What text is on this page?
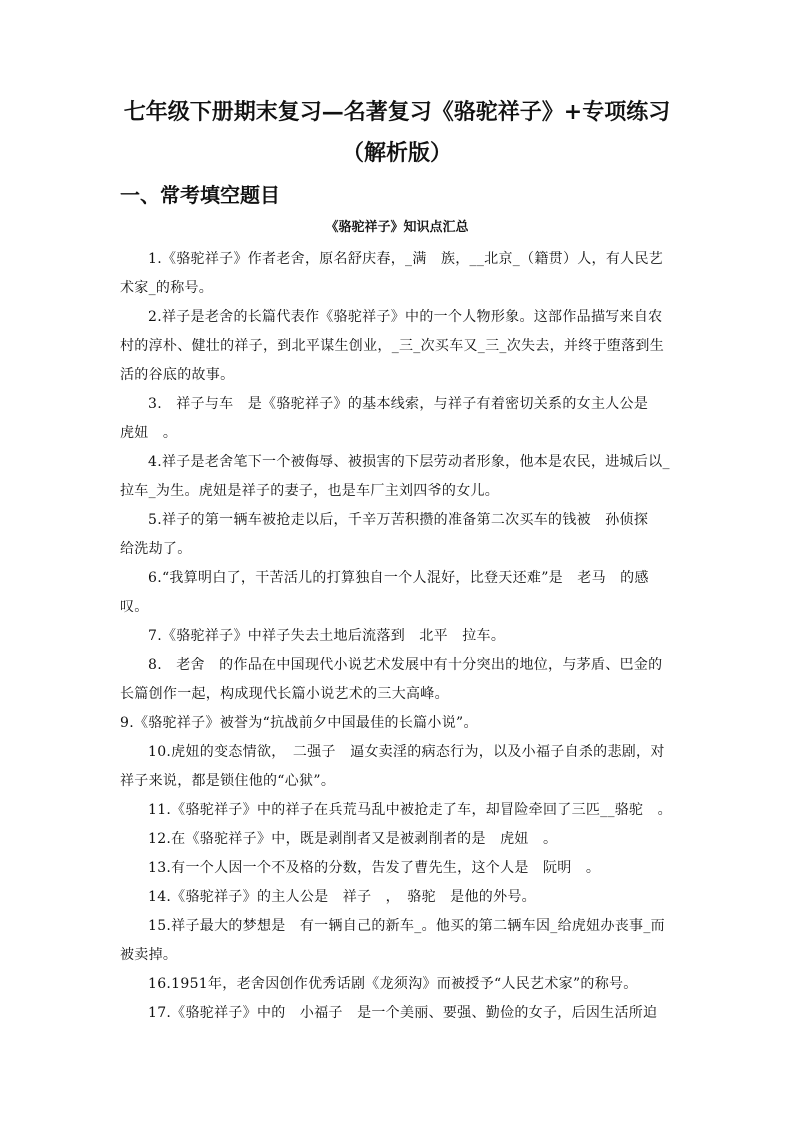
七年级下册期末复习—名著复习《骆驼祥子》+专项练习
（解析版）
一、常考填空题目
《骆驼祥子》知识点汇总

1.《骆驼祥子》作者老舍，原名舒庆春，_满　族，__北京_（籍贯）人，有人民艺术家_的称号。

2.祥子是老舍的长篇代表作《骆驼祥子》中的一个人物形象。这部作品描写来自农村的淳朴、健壮的祥子，到北平谋生创业，_三_次买车又_三_次失去，并终于堕落到生活的谷底的故事。

3.　祥子与车　是《骆驼祥子》的基本线索，与祥子有着密切关系的女主人公是　虎妞　。

4.祥子是老舍笔下一个被侮辱、被损害的下层劳动者形象，他本是农民，进城后以_拉车_为生。虎妞是祥子的妻子，也是车厂主刘四爷的女儿。

5.祥子的第一辆车被抢走以后，千辛万苦积攒的准备第二次买车的钱被　孙侦探　给洗劫了。

6.“我算明白了，干苦活儿的打算独自一个人混好，比登天还难”是　老马　的感叹。

7.《骆驼祥子》中祥子失去土地后流落到　北平　拉车。

8.　老舍　的作品在中国现代小说艺术发展中有十分突出的地位，与茅盾、巴金的长篇创作一起，构成现代长篇小说艺术的三大高峰。

9.《骆驼祥子》被誉为“抗战前夕中国最佳的长篇小说”。

10.虎妞的变态情欲，　二强子　逼女卖淫的病态行为，以及小福子自杀的悲剧，对祥子来说，都是锁住他的“心狱”。

11.《骆驼祥子》中的祥子在兵荒马乱中被抢走了车，却冒险牵回了三匹__骆驼　。

12.在《骆驼祥子》中，既是剥削者又是被剥削者的是　虎妞　。

13.有一个人因一个不及格的分数，告发了曹先生，这个人是　阮明　。

14.《骆驼祥子》的主人公是　祥子　，　骆驼　是他的外号。

15.祥子最大的梦想是　有一辆自己的新车_。他买的第二辆车因_给虎妞办丧事_而被卖掉。

16.1951年，老舍因创作优秀话剧《龙须沟》而被授予“人民艺术家”的称号。

17.《骆驼祥子》中的　小福子　是一个美丽、要强、勤俭的女子，后因生活所迫
